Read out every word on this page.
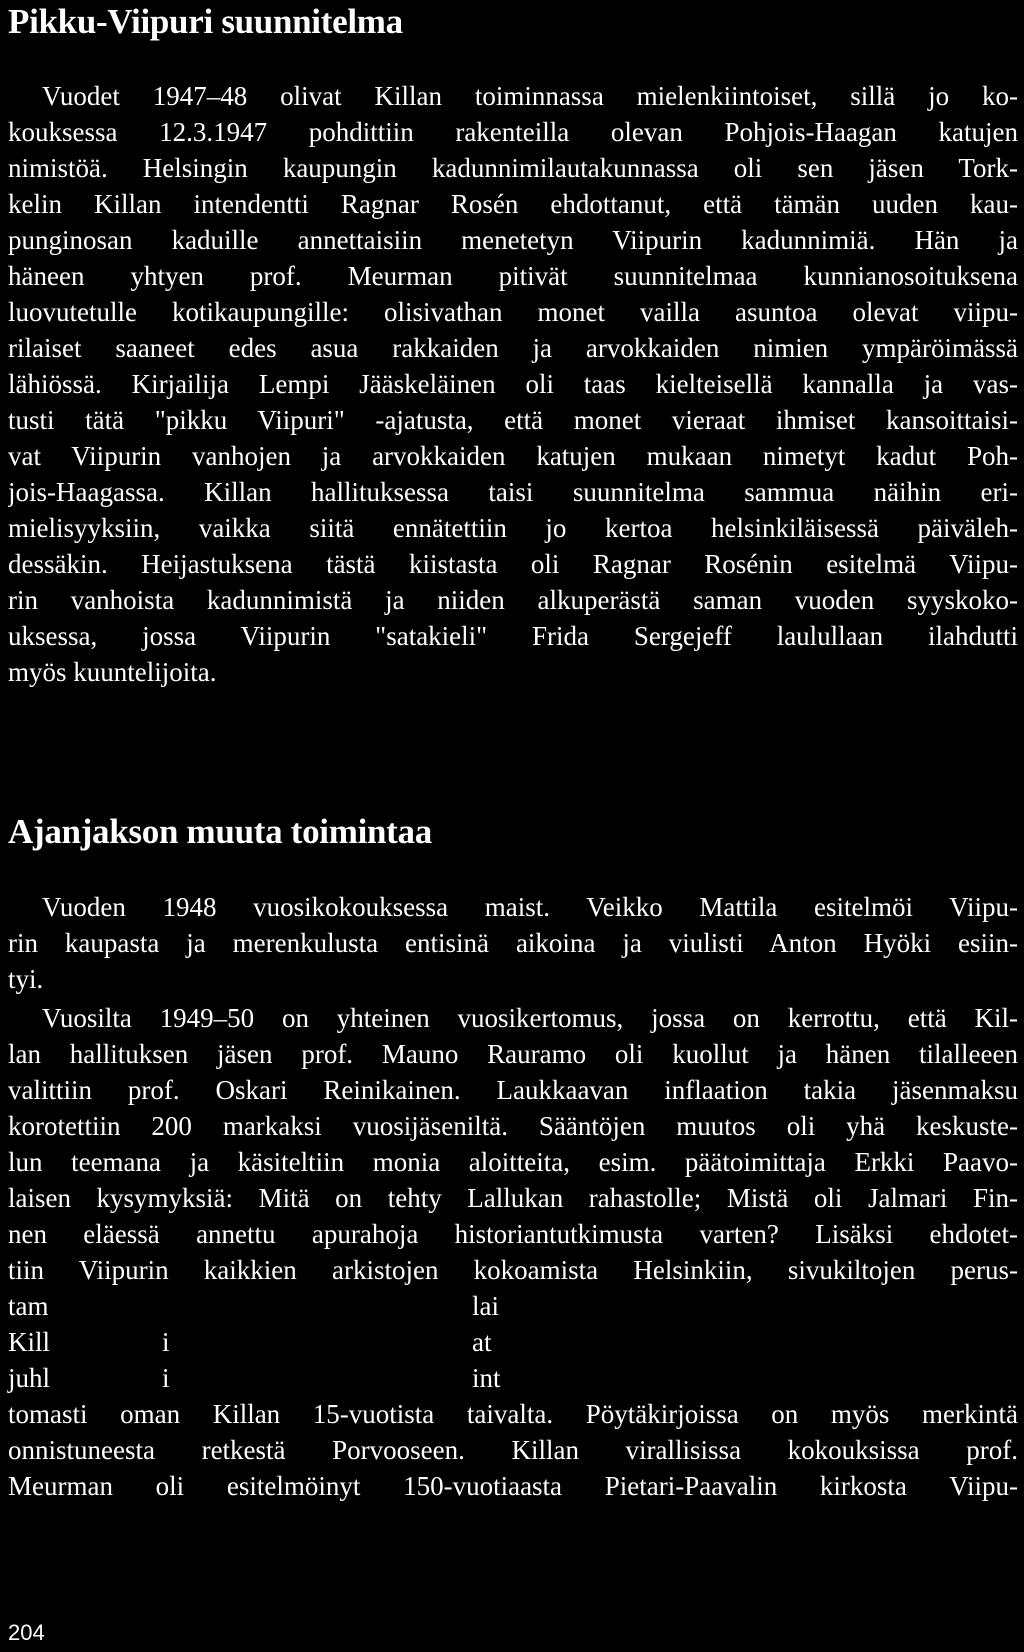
Pikku-Viipuri suunnitelma
Vuodet 1947–48 olivat Killan toiminnassa mielenkiintoiset, sillä jo ko-
kouksessa 12.3.1947 pohdittiin rakenteilla olevan Pohjois-Haagan katujen
nimistöä. Helsingin kaupungin kadunnimilautakunnassa oli sen jäsen Tork-
kelin Killan intendentti Ragnar Rosén ehdottanut, että tämän uuden kau-
punginosan kaduille annettaisiin menetetyn Viipurin kadunnimiä. Hän ja
häneen yhtyen prof. Meurman pitivät suunnitelmaa kunnianosoituksena
luovutetulle kotikaupungille: olisivathan monet vailla asuntoa olevat viipu-
rilaiset saaneet edes asua rakkaiden ja arvokkaiden nimien ympäröimässä
lähiössä. Kirjailija Lempi Jääskeläinen oli taas kielteisellä kannalla ja vas-
tusti tätä "pikku Viipuri" -ajatusta, että monet vieraat ihmiset kansoittaisi-
vat Viipurin vanhojen ja arvokkaiden katujen mukaan nimetyt kadut Poh-
jois-Haagassa. Killan hallituksessa taisi suunnitelma sammua näihin eri-
mielisyyksiin, vaikka siitä ennätettiin jo kertoa helsinkiläisessä päiväleh-
dessäkin. Heijastuksena tästä kiistasta oli Ragnar Rosénin esitelmä Viipu-
rin vanhoista kadunnimistä ja niiden alkuperästä saman vuoden syyskoko-
uksessa, jossa Viipurin "satakieli" Frida Sergejeff laulullaan ilahdutti
myös kuuntelijoita.
Ajanjakson muuta toimintaa
Vuoden 1948 vuosikokouksessa maist. Veikko Mattila esitelmöi Viipu-
rin kaupasta ja merenkulusta entisinä aikoina ja viulisti Anton Hyöki esiin-
tyi.
Vuosilta 1949–50 on yhteinen vuosikertomus, jossa on kerrottu, että Kil-
lan hallituksen jäsen prof. Mauno Rauramo oli kuollut ja hänen tilalleeen
valittiin prof. Oskari Reinikainen. Laukkaavan inflaation takia jäsenmaksu
korotettiin 200 markaksi vuosijäseniltä. Sääntöjen muutos oli yhä keskuste-
lun teemana ja käsiteltiin monia aloitteita, esim. päätoimittaja Erkki Paavo-
laisen kysymyksiä: Mitä on tehty Lallukan rahastolle; Mistä oli Jalmari Fin-
nen eläessä annettu apurahoja historiantutkimusta varten? Lisäksi ehdotet-
tiin Viipurin kaikkien arkistojen kokoamista Helsinkiin, sivukiltojen perus-
tam	lai
Kill	i	at
juhl	i	int
tomasti oman Killan 15-vuotista taivalta. Pöytäkirjoissa on myös merkintä
onnistuneesta retkestä Porvooseen. Killan virallisissa kokouksissa prof.
Meurman oli esitelmöinyt 150-vuotiaasta Pietari-Paavalin kirkosta Viipu-
204
